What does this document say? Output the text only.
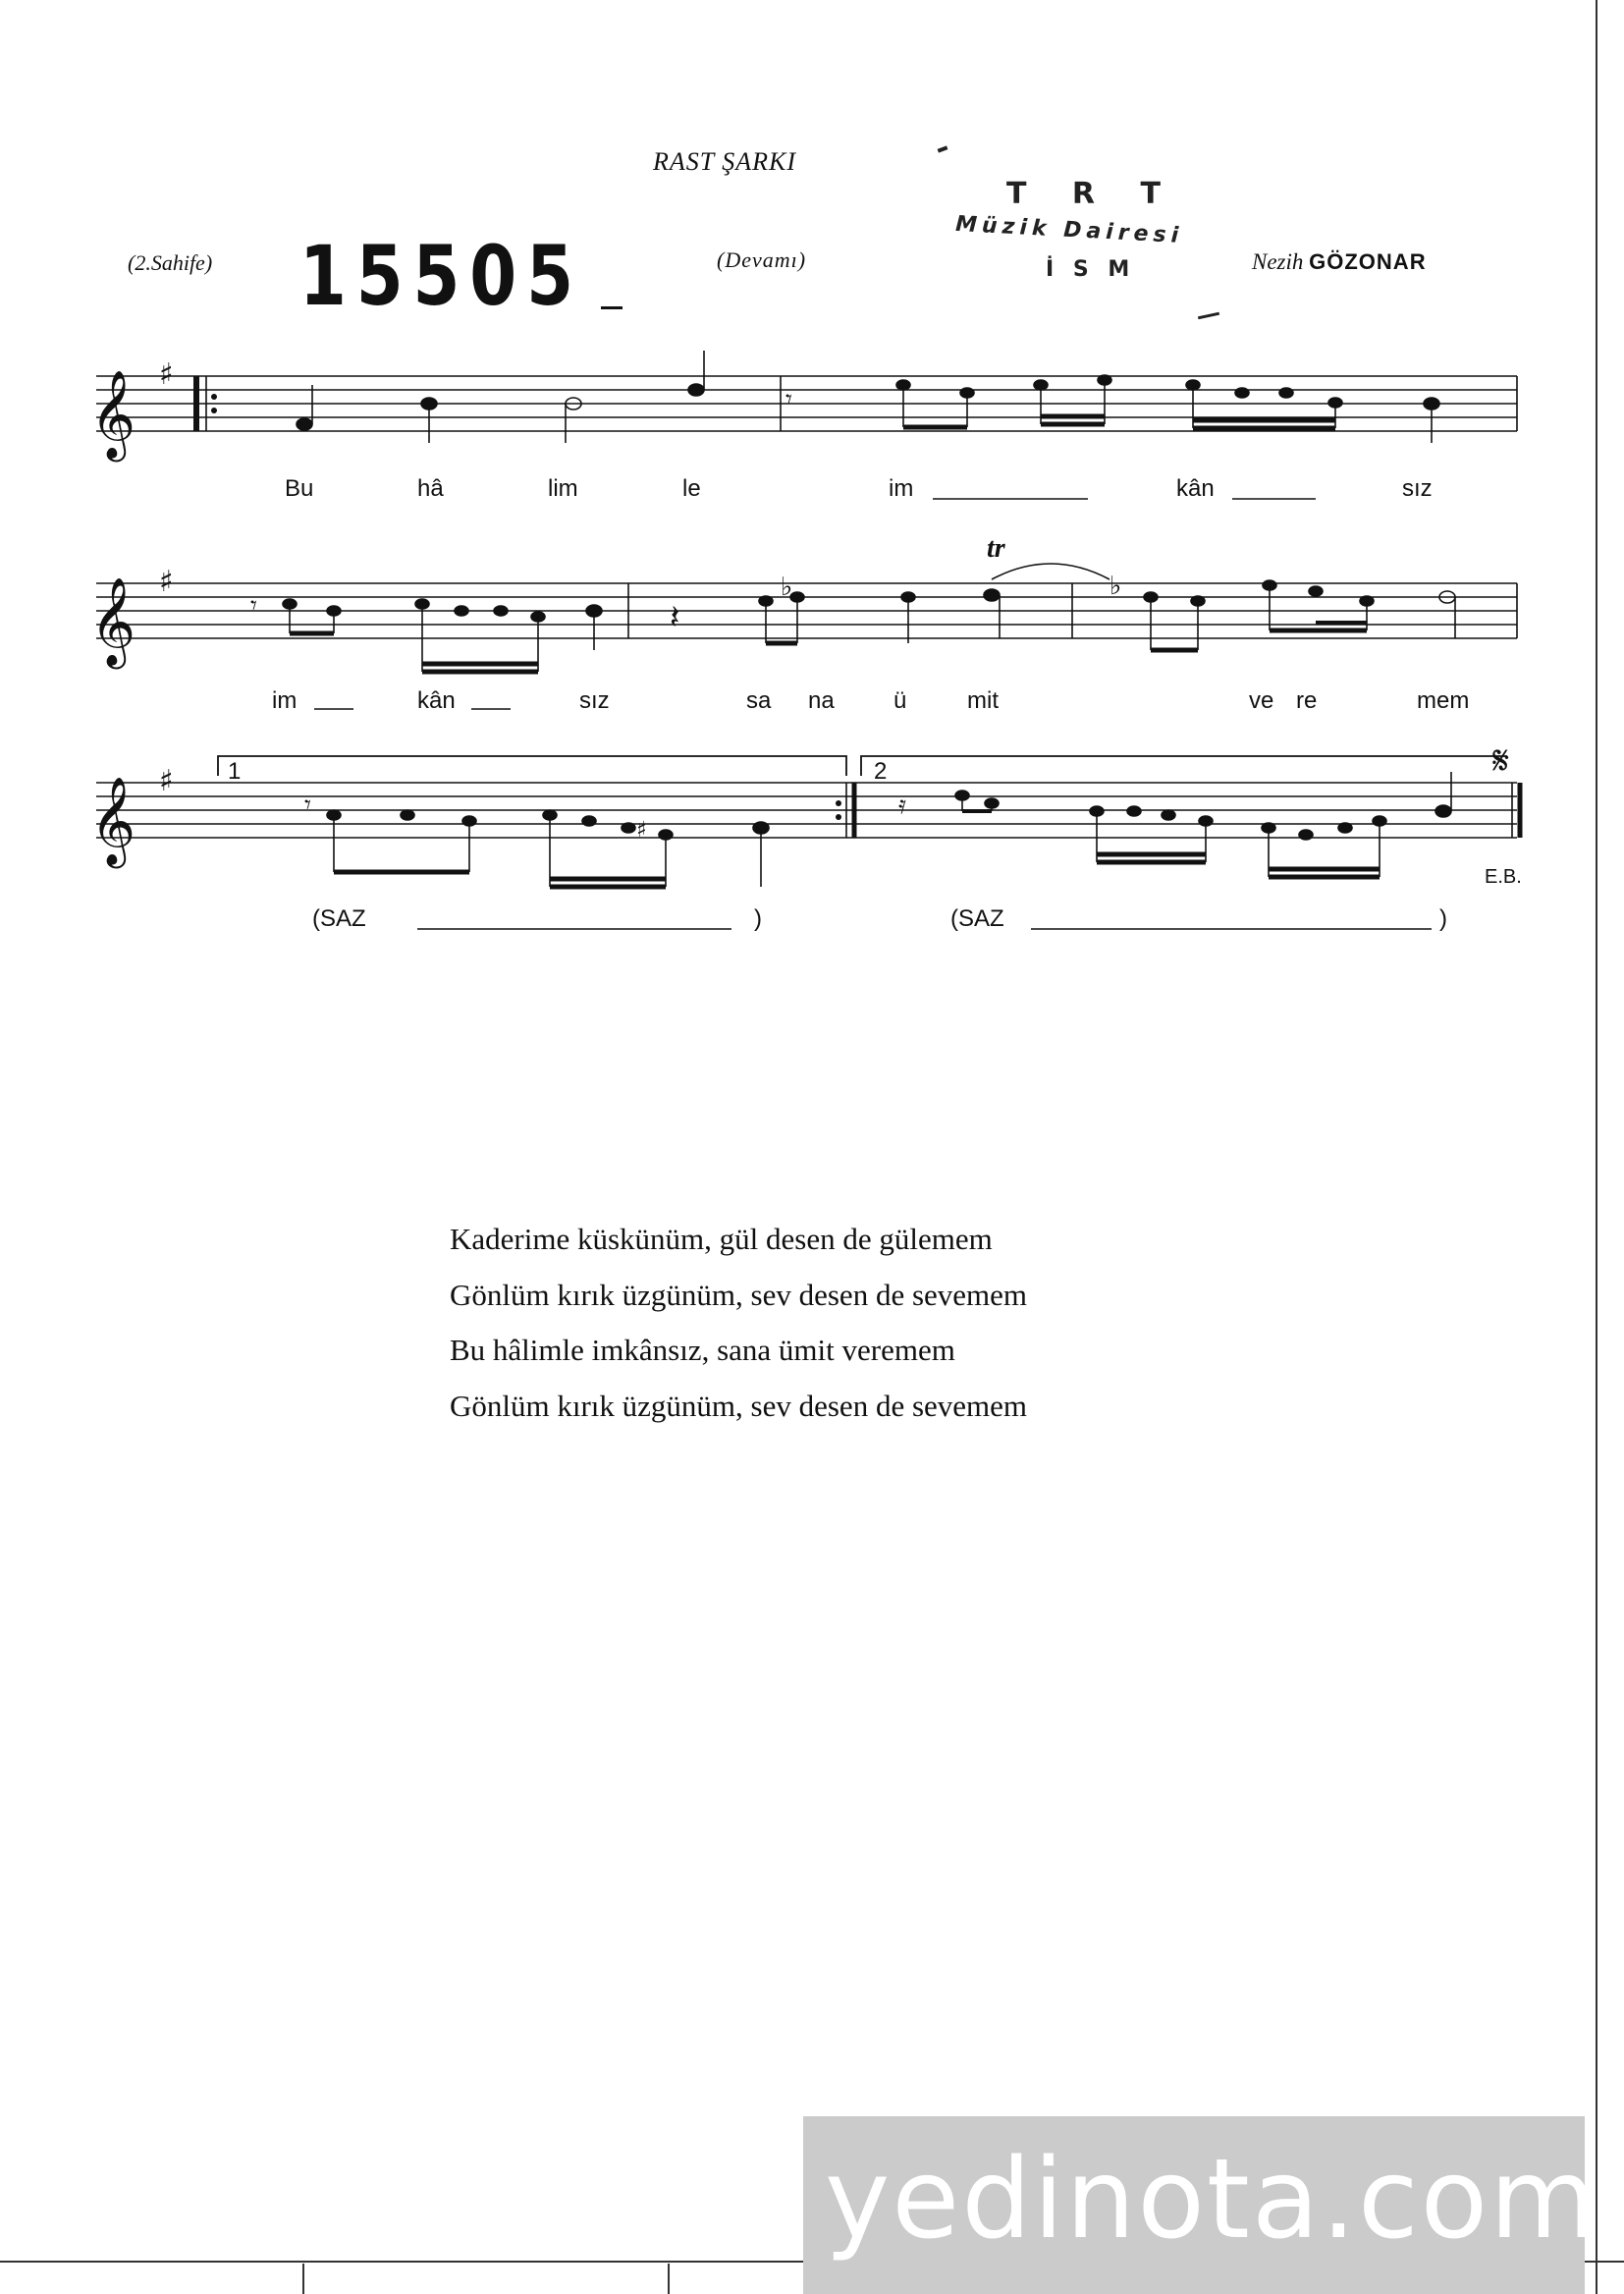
RAST ŞARKI
(2.Sahife) 15505	(Devamı)	Nezih GÖZONAR
T R T
Müzik Dairesi
İ S M
𝄞
𝄞
𝄞
♯
♯
♯
𝄾
𝄾	𝄽
𝄾	𝄿
♭	♭
♯
Bu	hâ	lim	le	im	kân	sız
im	kân	sız	sa na	ü	mit	ve re	mem
tr
1	2	𝄋
E.B.
(SAZ	)	(SAZ	)
Kaderime küskünüm, gül desen de gülemem
Gönlüm kırık üzgünüm, sev desen de sevemem
Bu hâlimle imkânsız, sana ümit veremem
Gönlüm kırık üzgünüm, sev desen de sevemem
yedinota.com
